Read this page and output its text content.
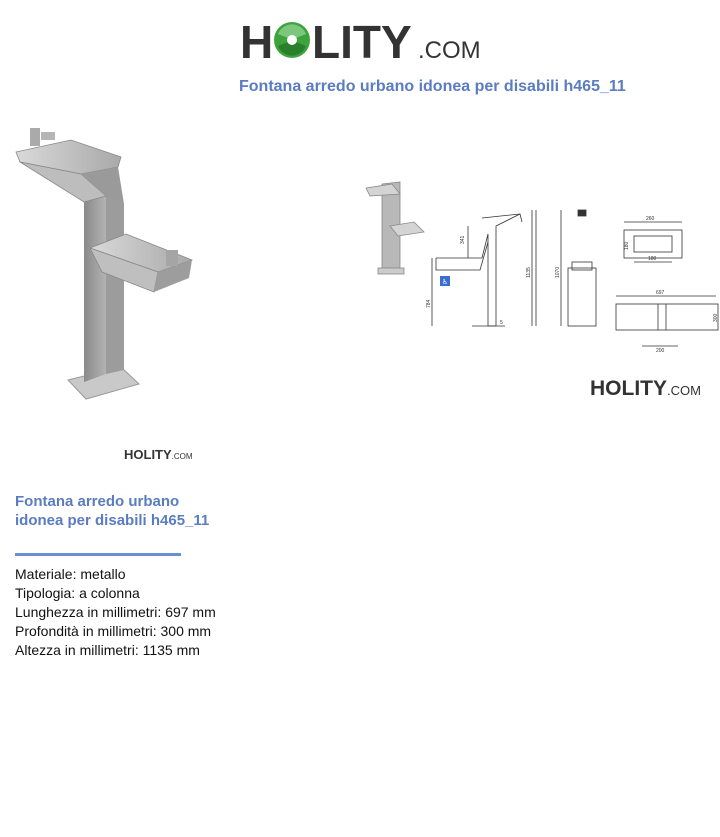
H LITY .COM
Fontana arredo urbano idonea per disabili h465_11
HOLITY.COM
♿
341
1135	1070
784
5
260
180
180
697
300
200
HOLITY.COM
Fontana arredo urbano idonea per disabili h465_11
Materiale: metallo
Tipologia: a colonna
Lunghezza in millimetri: 697 mm
Profondità in millimetri: 300 mm
Altezza in millimetri: 1135 mm
